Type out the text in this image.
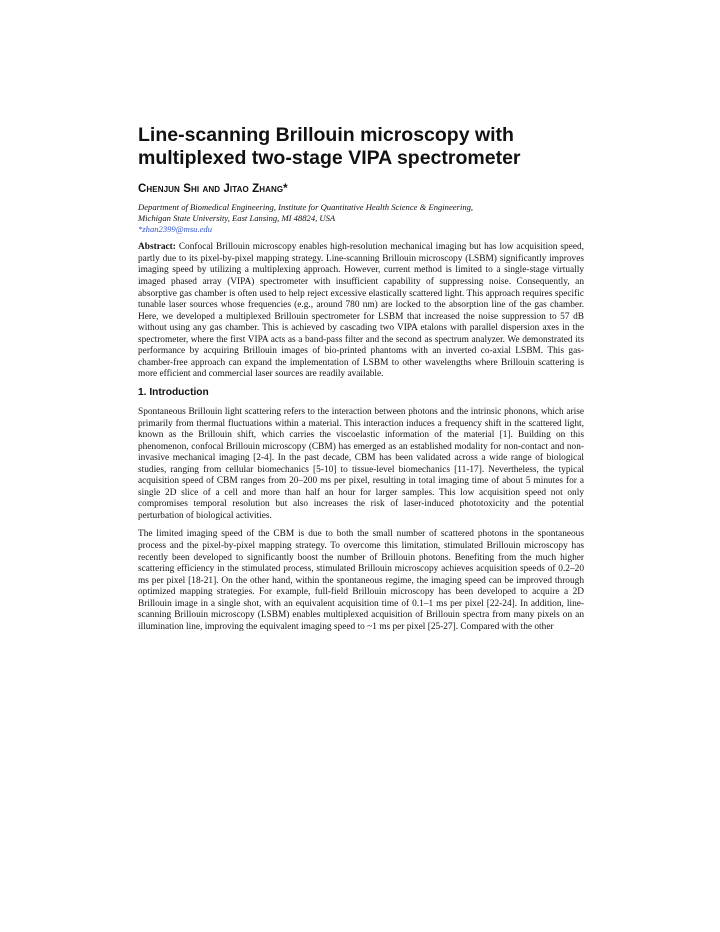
Line-scanning Brillouin microscopy with
multiplexed two-stage VIPA spectrometer

Chenjun Shi and Jitao Zhang*

Department of Biomedical Engineering, Institute for Quantitative Health Science & Engineering,

Michigan State University, East Lansing, MI 48824, USA

*zhan2399@msu.edu

Abstract: Confocal Brillouin microscopy enables high-resolution mechanical imaging but has low acquisition speed, partly due to its pixel-by-pixel mapping strategy. Line-scanning Brillouin microscopy (LSBM) significantly improves imaging speed by utilizing a multiplexing approach. However, current method is limited to a single-stage virtually imaged phased array (VIPA) spectrometer with insufficient capability of suppressing noise. Consequently, an absorptive gas chamber is often used to help reject excessive elastically scattered light. This approach requires specific tunable laser sources whose frequencies (e.g., around 780 nm) are locked to the absorption line of the gas chamber. Here, we developed a multiplexed Brillouin spectrometer for LSBM that increased the noise suppression to 57 dB without using any gas chamber. This is achieved by cascading two VIPA etalons with parallel dispersion axes in the spectrometer, where the first VIPA acts as a band-pass filter and the second as spectrum analyzer. We demonstrated its performance by acquiring Brillouin images of bio-printed phantoms with an inverted co-axial LSBM. This gas-chamber-free approach can expand the implementation of LSBM to other wavelengths where Brillouin scattering is more efficient and commercial laser sources are readily available.

1. Introduction

Spontaneous Brillouin light scattering refers to the interaction between photons and the intrinsic phonons, which arise primarily from thermal fluctuations within a material. This interaction induces a frequency shift in the scattered light, known as the Brillouin shift, which carries the viscoelastic information of the material [1]. Building on this phenomenon, confocal Brillouin microscopy (CBM) has emerged as an established modality for non-contact and non-invasive mechanical imaging [2-4]. In the past decade, CBM has been validated across a wide range of biological studies, ranging from cellular biomechanics [5-10] to tissue-level biomechanics [11-17]. Nevertheless, the typical acquisition speed of CBM ranges from 20–200 ms per pixel, resulting in total imaging time of about 5 minutes for a single 2D slice of a cell and more than half an hour for larger samples. This low acquisition speed not only compromises temporal resolution but also increases the risk of laser-induced phototoxicity and the potential perturbation of biological activities.

The limited imaging speed of the CBM is due to both the small number of scattered photons in the spontaneous process and the pixel-by-pixel mapping strategy. To overcome this limitation, stimulated Brillouin microscopy has recently been developed to significantly boost the number of Brillouin photons. Benefiting from the much higher scattering efficiency in the stimulated process, stimulated Brillouin microscopy achieves acquisition speeds of 0.2–20 ms per pixel [18-21]. On the other hand, within the spontaneous regime, the imaging speed can be improved through optimized mapping strategies. For example, full-field Brillouin microscopy has been developed to acquire a 2D Brillouin image in a single shot, with an equivalent acquisition time of 0.1–1 ms per pixel [22-24]. In addition, line-scanning Brillouin microscopy (LSBM) enables multiplexed acquisition of Brillouin spectra from many pixels on an illumination line, improving the equivalent imaging speed to ~1 ms per pixel [25-27]. Compared with the other
